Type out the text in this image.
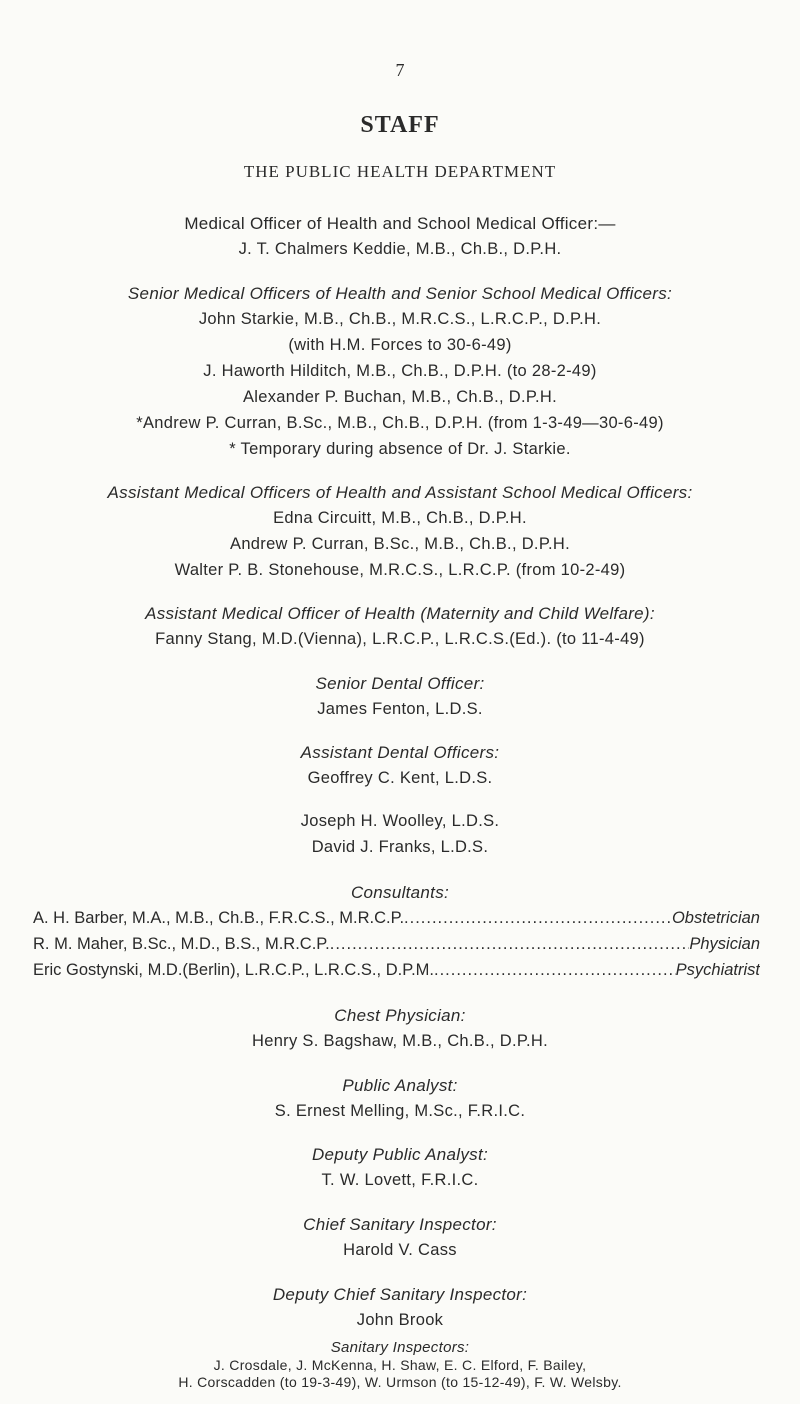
7
STAFF
THE PUBLIC HEALTH DEPARTMENT
Medical Officer of Health and School Medical Officer:—
J. T. Chalmers Keddie, M.B., Ch.B., D.P.H.
Senior Medical Officers of Health and Senior School Medical Officers:
John Starkie, M.B., Ch.B., M.R.C.S., L.R.C.P., D.P.H.
(with H.M. Forces to 30-6-49)
J. Haworth Hilditch, M.B., Ch.B., D.P.H. (to 28-2-49)
Alexander P. Buchan, M.B., Ch.B., D.P.H.
*Andrew P. Curran, B.Sc., M.B., Ch.B., D.P.H. (from 1-3-49—30-6-49)
* Temporary during absence of Dr. J. Starkie.
Assistant Medical Officers of Health and Assistant School Medical Officers:
Edna Circuitt, M.B., Ch.B., D.P.H.
Andrew P. Curran, B.Sc., M.B., Ch.B., D.P.H.
Walter P. B. Stonehouse, M.R.C.S., L.R.C.P. (from 10-2-49)
Assistant Medical Officer of Health (Maternity and Child Welfare):
Fanny Stang, M.D.(Vienna), L.R.C.P., L.R.C.S.(Ed.). (to 11-4-49)
Senior Dental Officer:
James Fenton, L.D.S.
Assistant Dental Officers:
Geoffrey C. Kent, L.D.S.
Joseph H. Woolley, L.D.S.
David J. Franks, L.D.S.
Consultants:
A. H. Barber, M.A., M.B., Ch.B., F.R.C.S., M.R.C.P. .....	Obstetrician
R. M. Maher, B.Sc., M.D., B.S., M.R.C.P. .....	Physician
Eric Gostynski, M.D.(Berlin), L.R.C.P., L.R.C.S., D.P.M. .....	Psychiatrist
Chest Physician:
Henry S. Bagshaw, M.B., Ch.B., D.P.H.
Public Analyst:
S. Ernest Melling, M.Sc., F.R.I.C.
Deputy Public Analyst:
T. W. Lovett, F.R.I.C.
Chief Sanitary Inspector:
Harold V. Cass
Deputy Chief Sanitary Inspector:
John Brook
Sanitary Inspectors:
J. Crosdale, J. McKenna, H. Shaw, E. C. Elford, F. Bailey,
H. Corscadden (to 19-3-49), W. Urmson (to 15-12-49), F. W. Welsby.
